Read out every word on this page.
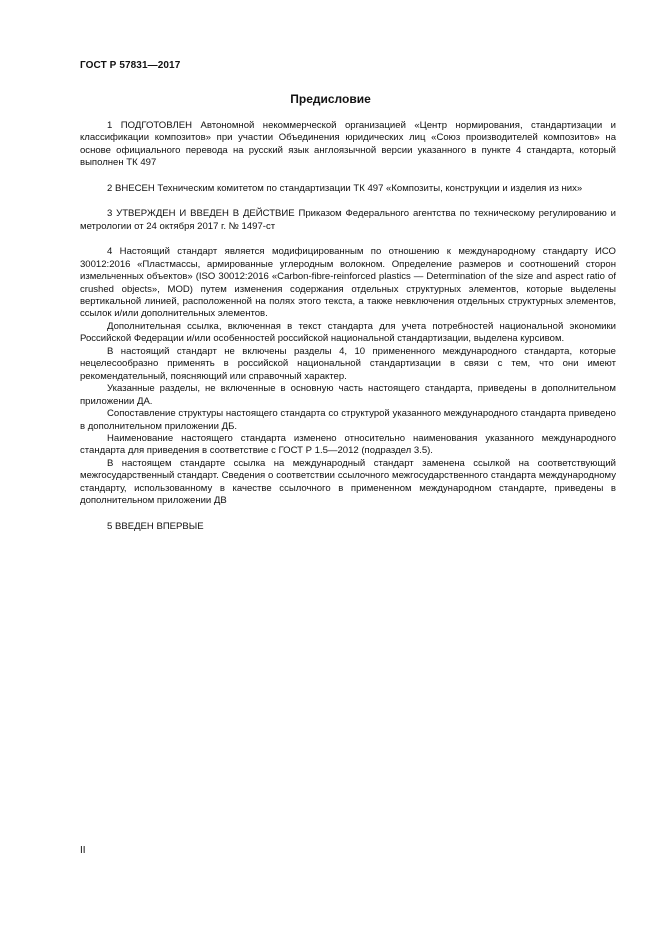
ГОСТ Р 57831—2017
Предисловие

1 ПОДГОТОВЛЕН Автономной некоммерческой организацией «Центр нормирования, стандартизации и классификации композитов» при участии Объединения юридических лиц «Союз производителей композитов» на основе официального перевода на русский язык англоязычной версии указанного в пункте 4 стандарта, который выполнен ТК 497

2 ВНЕСЕН Техническим комитетом по стандартизации ТК 497 «Композиты, конструкции и изделия из них»

3 УТВЕРЖДЕН И ВВЕДЕН В ДЕЙСТВИЕ Приказом Федерального агентства по техническому регулированию и метрологии от 24 октября 2017 г. № 1497-ст

4 Настоящий стандарт является модифицированным по отношению к международному стандарту ИСО 30012:2016 «Пластмассы, армированные углеродным волокном. Определение размеров и соотношений сторон измельченных объектов» (ISO 30012:2016 «Carbon-fibre-reinforced plastics — Determination of the size and aspect ratio of crushed objects», MOD) путем изменения содержания отдельных структурных элементов, которые выделены вертикальной линией, расположенной на полях этого текста, а также невключения отдельных структурных элементов, ссылок и/или дополнительных элементов.

Дополнительная ссылка, включенная в текст стандарта для учета потребностей национальной экономики Российской Федерации и/или особенностей российской национальной стандартизации, выделена курсивом.

В настоящий стандарт не включены разделы 4, 10 примененного международного стандарта, которые нецелесообразно применять в российской национальной стандартизации в связи с тем, что они имеют рекомендательный, поясняющий или справочный характер.

Указанные разделы, не включенные в основную часть настоящего стандарта, приведены в дополнительном приложении ДА.

Сопоставление структуры настоящего стандарта со структурой указанного международного стандарта приведено в дополнительном приложении ДБ.

Наименование настоящего стандарта изменено относительно наименования указанного международного стандарта для приведения в соответствие с ГОСТ Р 1.5—2012 (подраздел 3.5).

В настоящем стандарте ссылка на международный стандарт заменена ссылкой на соответствующий межгосударственный стандарт. Сведения о соответствии ссылочного межгосударственного стандарта международному стандарту, использованному в качестве ссылочного в примененном международном стандарте, приведены в дополнительном приложении ДВ

5 ВВЕДЕН ВПЕРВЫЕ

II
